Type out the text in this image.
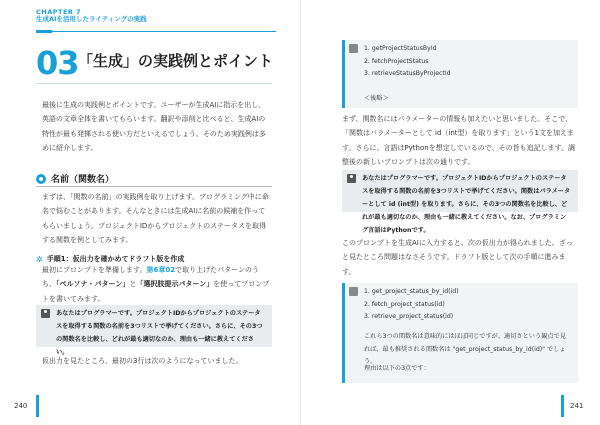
CHAPTER 7
生成AIを活用したライティングの実践
03 「生成」の実践例とポイント
最後に生成の実践例とポイントです。ユーザーが生成AIに指示を出し、英語の文章全体を書いてもらいます。翻訳や添削と比べると、生成AIの特性が最も発揮される使い方だといえるでしょう。そのため実践例は多めに紹介します。
名前（関数名）
まずは、「関数の名前」の実践例を取り上げます。プログラミング中に命名で悩むことがあります。そんなときには生成AIに名前の候補を作ってもらいましょう。プロジェクトIDからプロジェクトのステータスを取得する関数を例としてみます。
✲ 手順1：仮出力を確かめてドラフト版を作成
最初にプロンプトを準備します。第6章02で取り上げたパターンのうち、「ペルソナ・パターン」と「選択肢提示パターン」を使ってプロンプトを書いてみます。
あなたはプログラマーです。プロジェクトIDからプロジェクトのステータスを取得する関数の名前を3つリストで挙げてください。さらに、その3つの関数名を比較し、どれが最も適切なのか、理由も一緒に教えてください。
仮出力を見たところ、最初の3行は次のようになっていました。
240
1. getProjectStatusById
2. fetchProjectStatus
3. retrieveStatusByProjectId
＜後略＞
まず、関数名にはパラメーターの情報も加えたいと思いました。そこで、「関数はパラメーターとして id（int型）を取ります」という1文を加えます。さらに、言語はPythonを想定しているので、その旨も追記します。調整後の新しいプロンプトは次の通りです。
あなたはプログラマーです。プロジェクトIDからプロジェクトのステータスを取得する関数の名前を3つリストで挙げてください。関数はパラメーターとして id (int型) を取ります。さらに、その3つの関数名を比較し、どれが最も適切なのか、理由も一緒に教えてください。なお、プログラミング言語はPythonです。
このプロンプトを生成AIに入力すると、次の仮出力が得られました。ざっと見たところ問題はなさそうです。ドラフト版として次の手順に進みます。
1. get_project_status_by_id(id)
2. fetch_project_status(id)
3. retrieve_project_status(id)
これら3つの関数名は意味的にはほぼ同じですが、適切さという観点で見れば、最も推奨される関数名は "get_project_status_by_id(id)" でしょう。
理由は以下の3点です：
241
